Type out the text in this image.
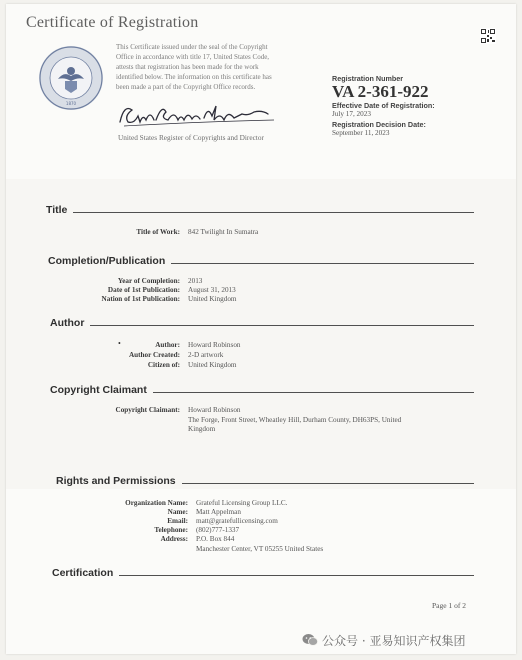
Certificate of Registration
1870
This Certificate issued under the seal of the Copyright
Office in accordance with title 17, United States Code,
attests that registration has been made for the work
identified below. The information on this certificate has
been made a part of the Copyright Office records.
United States Register of Copyrights and Director
Registration Number
VA 2-361-922
Effective Date of Registration:
July 17, 2023
Registration Decision Date:
September 11, 2023
Title
Title of Work:	842 Twilight In Sumatra
Completion/Publication
Year of Completion:	2013
Date of 1st Publication:	August 31, 2013
Nation of 1st Publication:	United Kingdom
Author
•	Author:	Howard Robinson
Author Created:	2-D artwork
Citizen of:	United Kingdom
Copyright Claimant
Copyright Claimant:	Howard Robinson
The Forge, Front Street, Wheatley Hill, Durham County, DH63PS, United
Kingdom
Rights and Permissions
Organization Name:	Grateful Licensing Group LLC.
Name:	Matt Appelman
Email:	matt@gratefullicensing.com
Telephone:	(802)777-1337
Address:	P.O. Box 844
Manchester Center, VT 05255 United States
Certification
Page 1 of 2
公众号 · 亚易知识产权集团
